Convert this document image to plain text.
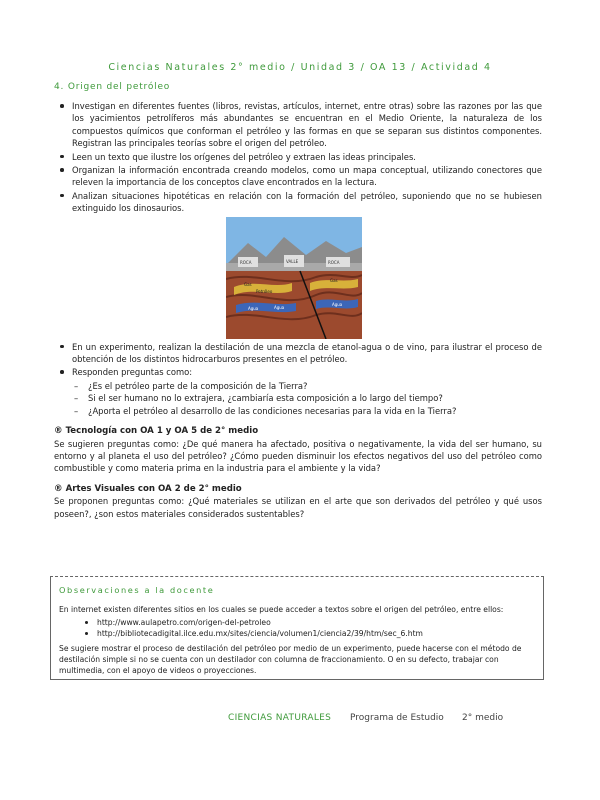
Ciencias Naturales 2° medio / Unidad 3 / OA 13 / Actividad 4
4. Origen del petróleo
Investigan en diferentes fuentes (libros, revistas, artículos, internet, entre otras) sobre las razones por las que los yacimientos petrolíferos más abundantes se encuentran en el Medio Oriente, la naturaleza de los compuestos químicos que conforman el petróleo y las formas en que se separan sus distintos componentes. Registran las principales teorías sobre el origen del petróleo.
Leen un texto que ilustre los orígenes del petróleo y extraen las ideas principales.
Organizan la información encontrada creando modelos, como un mapa conceptual, utilizando conectores que releven la importancia de los conceptos clave encontrados en la lectura.
Analizan situaciones hipotéticas en relación con la formación del petróleo, suponiendo que no se hubiesen extinguido los dinosaurios.
ROCA	VALLE	ROCA
Gas
Gas
Petróleo
Agua	Agua
Agua
En un experimento, realizan la destilación de una mezcla de etanol-agua o de vino, para ilustrar el proceso de obtención de los distintos hidrocarburos presentes en el petróleo.
Responden preguntas como:
– ¿Es el petróleo parte de la composición de la Tierra?
– Si el ser humano no lo extrajera, ¿cambiaría esta composición a lo largo del tiempo?
– ¿Aporta el petróleo al desarrollo de las condiciones necesarias para la vida en la Tierra?
® Tecnología con OA 1 y OA 5 de 2° medio
Se sugieren preguntas como: ¿De qué manera ha afectado, positiva o negativamente, la vida del ser humano, su entorno y al planeta el uso del petróleo? ¿Cómo pueden disminuir los efectos negativos del uso del petróleo como combustible y como materia prima en la industria para el ambiente y la vida?
® Artes Visuales con OA 2 de 2° medio
Se proponen preguntas como: ¿Qué materiales se utilizan en el arte que son derivados del petróleo y qué usos poseen?, ¿son estos materiales considerados sustentables?
Observaciones a la docente
En internet existen diferentes sitios en los cuales se puede acceder a textos sobre el origen del petróleo, entre ellos:
http://www.aulapetro.com/origen-del-petroleo
http://bibliotecadigital.ilce.edu.mx/sites/ciencia/volumen1/ciencia2/39/htm/sec_6.htm
Se sugiere mostrar el proceso de destilación del petróleo por medio de un experimento, puede hacerse con el método de destilación simple si no se cuenta con un destilador con columna de fraccionamiento. O en su defecto, trabajar con multimedia, con el apoyo de videos o proyecciones.
CIENCIAS NATURALES Programa de Estudio 2° medio
